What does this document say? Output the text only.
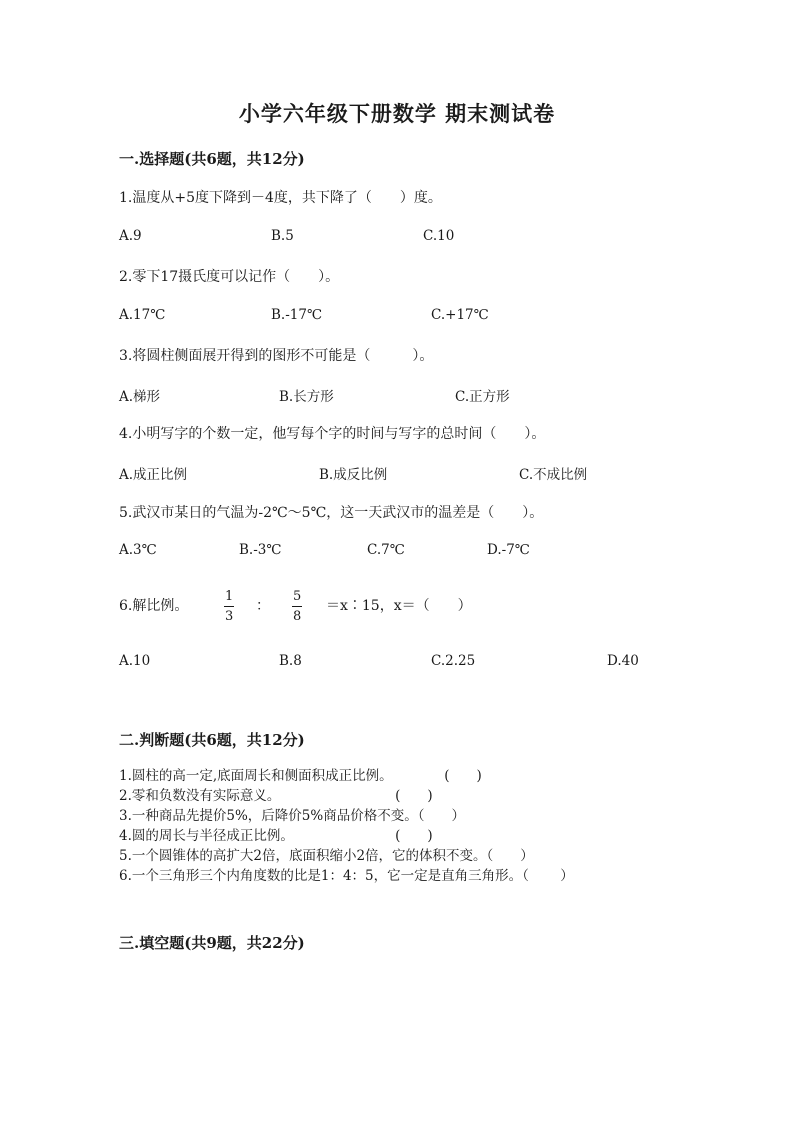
小学六年级下册数学 期末测试卷
一.选择题(共6题，共12分)
1.温度从+5度下降到－4度，共下降了（　　）度。
A.9	B.5	C.10
2.零下17摄氏度可以记作（　　）。
A.17℃	B.-17℃	C.+17℃
3.将圆柱侧面展开得到的图形不可能是（　　　）。
A.梯形	B.长方形	C.正方形
4.小明写字的个数一定，他写每个字的时间与写字的总时间（　　）。
A.成正比例	B.成反比例	C.不成比例
5.武汉市某日的气温为-2℃～5℃，这一天武汉市的温差是（　　）。
A.3℃	B.-3℃	C.7℃	D.-7℃
6.解比例。
1
3
：
5
8
＝x∶15，x＝（　　）
A.10	B.8	C.2.25	D.40
二.判断题(共6题，共12分)
1.圆柱的高一定,底面周长和侧面积成正比例。　　　　 (　　)
2.零和负数没有实际意义。　　　　　　　　　(　　)
3.一种商品先提价5%，后降价5%商品价格不变。（　　）
4.圆的周长与半径成正比例。　　　　　　　　(　　)
5.一个圆锥体的高扩大2倍，底面积缩小2倍，它的体积不变。（　　）
6.一个三角形三个内角度数的比是1：4：5，它一定是直角三角形。（　　 ）
三.填空题(共9题，共22分)
